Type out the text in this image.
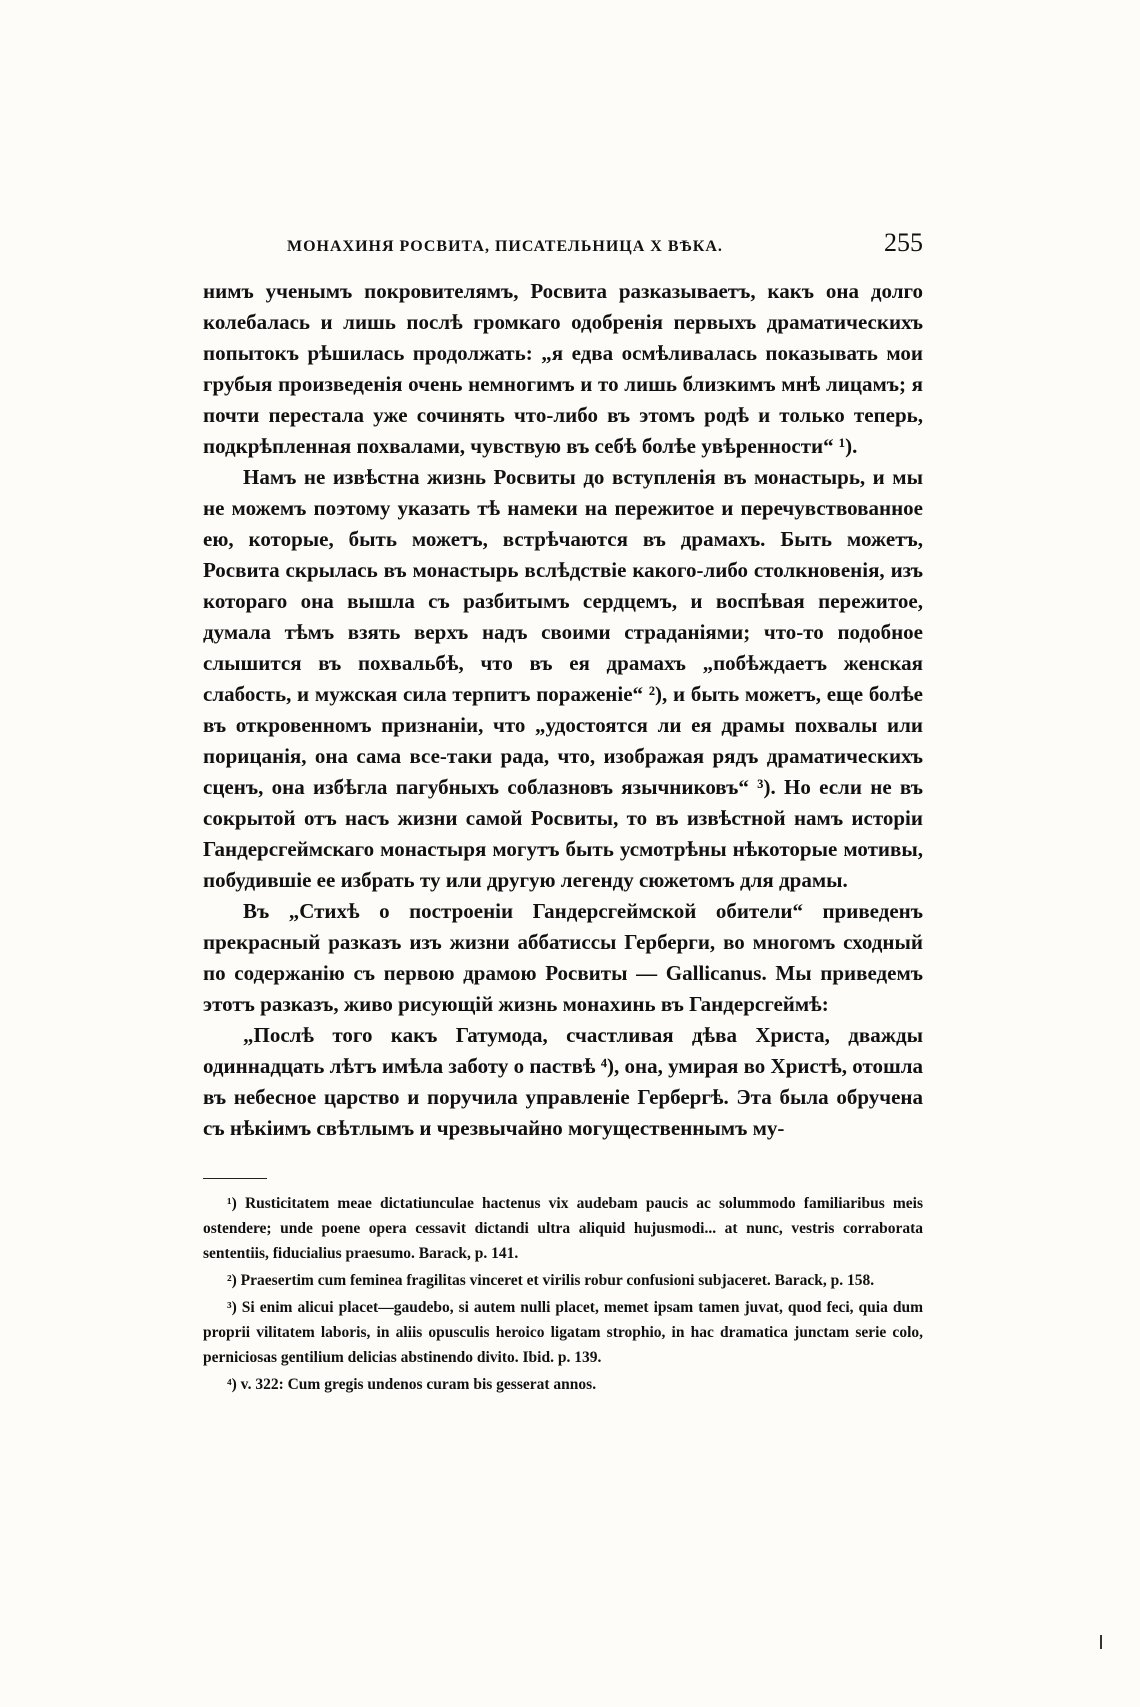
МОНАХИНЯ РОСВИТА, ПИСАТЕЛЬНИЦА X ВѢКА.	255

нимъ ученымъ покровителямъ, Росвита разказываетъ, какъ она долго колебалась и лишь послѣ громкаго одобренія первыхъ драматическихъ попытокъ рѣшилась продолжать: „я едва осмѣливалась показывать мои грубыя произведенія очень немногимъ и то лишь близкимъ мнѣ лицамъ; я почти перестала уже сочинять что-либо въ этомъ родѣ и только теперь, подкрѣпленная похвалами, чувствую въ себѣ болѣе увѣренности“ ¹).

Намъ не извѣстна жизнь Росвиты до вступленія въ монастырь, и мы не можемъ поэтому указать тѣ намеки на пережитое и перечувствованное ею, которые, быть можетъ, встрѣчаются въ драмахъ. Быть можетъ, Росвита скрылась въ монастырь вслѣдствіе какого-либо столкновенія, изъ котораго она вышла съ разбитымъ сердцемъ, и воспѣвая пережитое, думала тѣмъ взять верхъ надъ своими страданіями; что-то подобное слышится въ похвальбѣ, что въ ея драмахъ „побѣждаетъ женская слабость, и мужская сила терпитъ пораженіе“ ²), и быть можетъ, еще болѣе въ откровенномъ признаніи, что „удостоятся ли ея драмы похвалы или порицанія, она сама все-таки рада, что, изображая рядъ драматическихъ сценъ, она избѣгла пагубныхъ соблазновъ язычниковъ“ ³). Но если не въ сокрытой отъ насъ жизни самой Росвиты, то въ извѣстной намъ исторіи Гандерсгеймскаго монастыря могутъ быть усмотрѣны нѣкоторые мотивы, побудившіе ее избрать ту или другую легенду сюжетомъ для драмы.

Въ „Стихѣ о построеніи Гандерсгеймской обители“ приведенъ прекрасный разказъ изъ жизни аббатиссы Герберги, во многомъ сходный по содержанію съ первою драмою Росвиты — Gallicanus. Мы приведемъ этотъ разказъ, живо рисующій жизнь монахинь въ Гандерсгеймѣ:

„Послѣ того какъ Гатумода, счастливая дѣва Христа, дважды одиннадцать лѣтъ имѣла заботу о паствѣ ⁴), она, умирая во Христѣ, отошла въ небесное царство и поручила управленіе Гербергѣ. Эта была обручена съ нѣкіимъ свѣтлымъ и чрезвычайно могущественнымъ му-

¹) Rusticitatem meae dictatiunculae hactenus vix audebam paucis ac solummodo familiaribus meis ostendere; unde poene opera cessavit dictandi ultra aliquid hujusmodi... at nunc, vestris corraborata sententiis, fiducialius praesumo. Barack, p. 141.

²) Praesertim cum feminea fragilitas vinceret et virilis robur confusioni subjaceret. Barack, p. 158.

³) Si enim alicui placet—gaudebo, si autem nulli placet, memet ipsam tamen juvat, quod feci, quia dum proprii vilitatem laboris, in aliis opusculis heroico ligatam strophio, in hac dramatica junctam serie colo, perniciosas gentilium delicias abstinendo divito. Ibid. p. 139.

⁴) v. 322: Cum gregis undenos curam bis gesserat annos.
